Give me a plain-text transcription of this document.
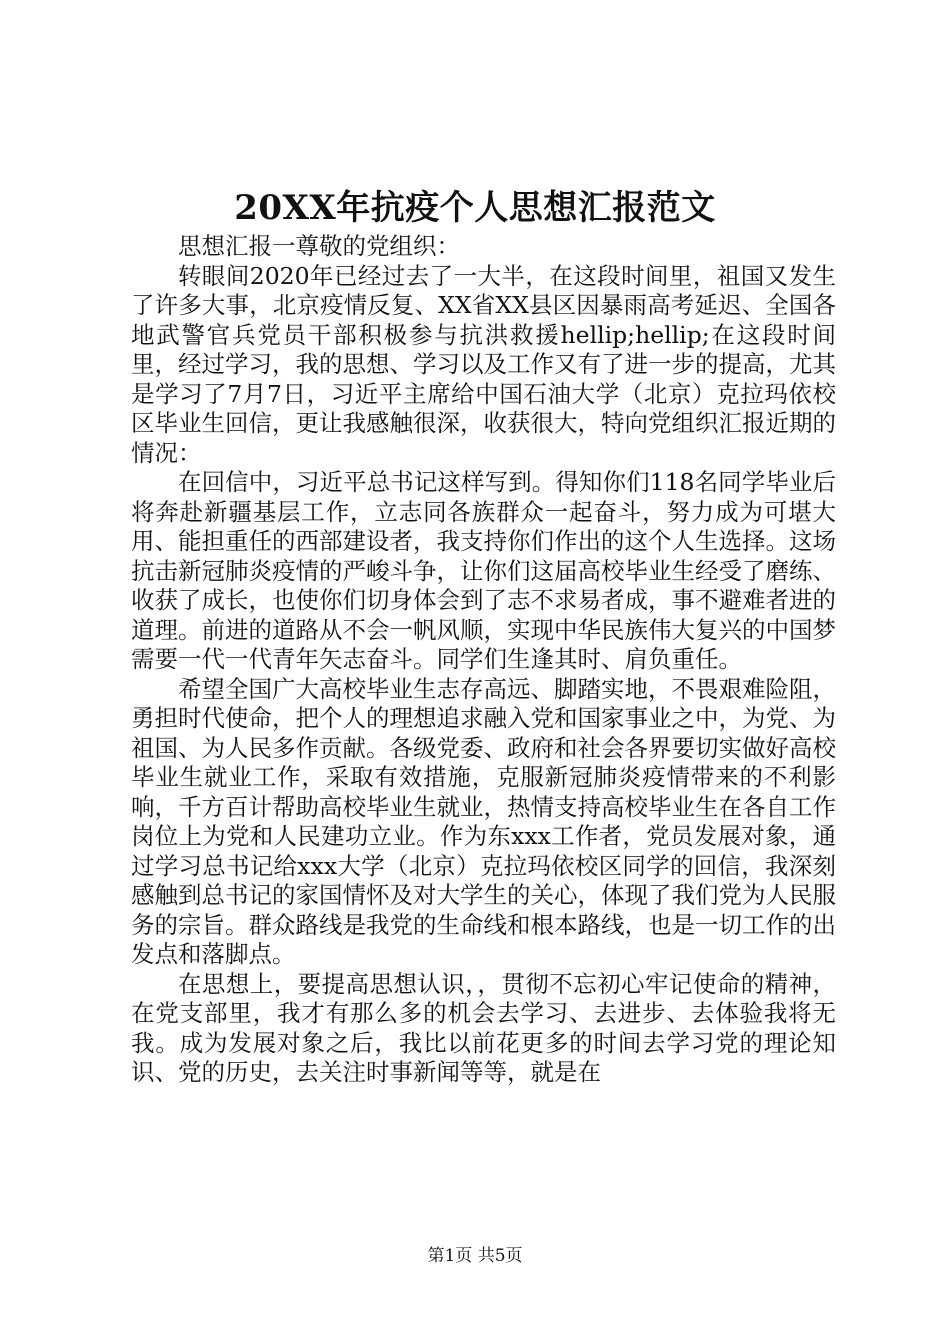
20XX年抗疫个人思想汇报范文

思想汇报一尊敬的党组织：

转眼间2020年已经过去了一大半，在这段时间里，祖国又发生了许多大事，北京疫情反复、XX省XX县区因暴雨高考延迟、全国各地武警官兵党员干部积极参与抗洪救援hellip;hellip;在这段时间里，经过学习，我的思想、学习以及工作又有了进一步的提高，尤其是学习了7月7日，习近平主席给中国石油大学（北京）克拉玛依校区毕业生回信，更让我感触很深，收获很大，特向党组织汇报近期的情况：

在回信中，习近平总书记这样写到。得知你们118名同学毕业后将奔赴新疆基层工作，立志同各族群众一起奋斗，努力成为可堪大用、能担重任的西部建设者，我支持你们作出的这个人生选择。这场抗击新冠肺炎疫情的严峻斗争，让你们这届高校毕业生经受了磨练、收获了成长，也使你们切身体会到了志不求易者成，事不避难者进的道理。前进的道路从不会一帆风顺，实现中华民族伟大复兴的中国梦需要一代一代青年矢志奋斗。同学们生逢其时、肩负重任。

希望全国广大高校毕业生志存高远、脚踏实地，不畏艰难险阻，勇担时代使命，把个人的理想追求融入党和国家事业之中，为党、为祖国、为人民多作贡献。各级党委、政府和社会各界要切实做好高校毕业生就业工作，采取有效措施，克服新冠肺炎疫情带来的不利影响，千方百计帮助高校毕业生就业，热情支持高校毕业生在各自工作岗位上为党和人民建功立业。作为东xxx工作者，党员发展对象，通过学习总书记给xxx大学（北京）克拉玛依校区同学的回信，我深刻感触到总书记的家国情怀及对大学生的关心，体现了我们党为人民服务的宗旨。群众路线是我党的生命线和根本路线，也是一切工作的出发点和落脚点。

在思想上，要提高思想认识，，贯彻不忘初心牢记使命的精神，在党支部里，我才有那么多的机会去学习、去进步、去体验我将无我。成为发展对象之后，我比以前花更多的时间去学习党的理论知识、党的历史，去关注时事新闻等等，就是在

第1页 共5页
